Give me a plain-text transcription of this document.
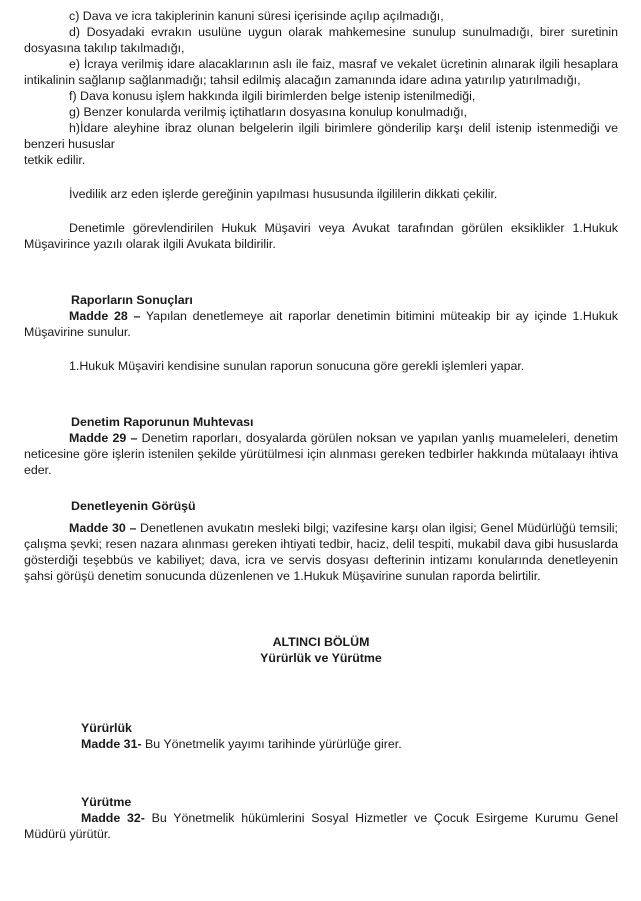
c) Dava ve icra takiplerinin kanuni süresi içerisinde açılıp açılmadığı,

d) Dosyadaki evrakın usulüne uygun olarak mahkemesine sunulup sunulmadığı, birer suretinin dosyasına takılıp takılmadığı,

e) İcraya verilmiş idare alacaklarının aslı ile faiz, masraf ve vekalet ücretinin alınarak ilgili hesaplara intikalinin sağlanıp sağlanmadığı; tahsil edilmiş alacağın zamanında idare adına yatırılıp yatırılmadığı,

f) Dava konusu işlem hakkında ilgili birimlerden belge istenip istenilmediği,

g) Benzer konularda verilmiş içtihatların dosyasına konulup konulmadığı,

h)İdare aleyhine ibraz olunan belgelerin ilgili birimlere gönderilip karşı delil istenip istenmediği ve benzeri hususlar

tetkik edilir.

İvedilik arz eden işlerde gereğinin yapılması hususunda ilgililerin dikkati çekilir.

Denetimle görevlendirilen Hukuk Müşaviri veya Avukat tarafından görülen eksiklikler 1.Hukuk Müşavirince yazılı olarak ilgili Avukata bildirilir.

Raporların Sonuçları

Madde 28 – Yapılan denetlemeye ait raporlar denetimin bitimini müteakip bir ay içinde 1.Hukuk Müşavirine sunulur.

1.Hukuk Müşaviri kendisine sunulan raporun sonucuna göre gerekli işlemleri yapar.

Denetim Raporunun Muhtevası

Madde 29 – Denetim raporları, dosyalarda görülen noksan ve yapılan yanlış muameleleri, denetim neticesine göre işlerin istenilen şekilde yürütülmesi için alınması gereken tedbirler hakkında mütalaayı ihtiva eder.

Denetleyenin Görüşü

Madde 30 – Denetlenen avukatın mesleki bilgi; vazifesine karşı olan ilgisi; Genel Müdürlüğü temsili; çalışma şevki; resen nazara alınması gereken ihtiyati tedbir, haciz, delil tespiti, mukabil dava gibi hususlarda gösterdiği teşebbüs ve kabiliyet; dava, icra ve servis dosyası defterinin intizamı konularında denetleyenin şahsi görüşü denetim sonucunda düzenlenen ve 1.Hukuk Müşavirine sunulan raporda belirtilir.

ALTINCI BÖLÜM
Yürürlük ve Yürütme
Yürürlük

Madde 31- Bu Yönetmelik yayımı tarihinde yürürlüğe girer.

Yürütme

Madde 32- Bu Yönetmelik hükümlerini Sosyal Hizmetler ve Çocuk Esirgeme Kurumu Genel Müdürü yürütür.
